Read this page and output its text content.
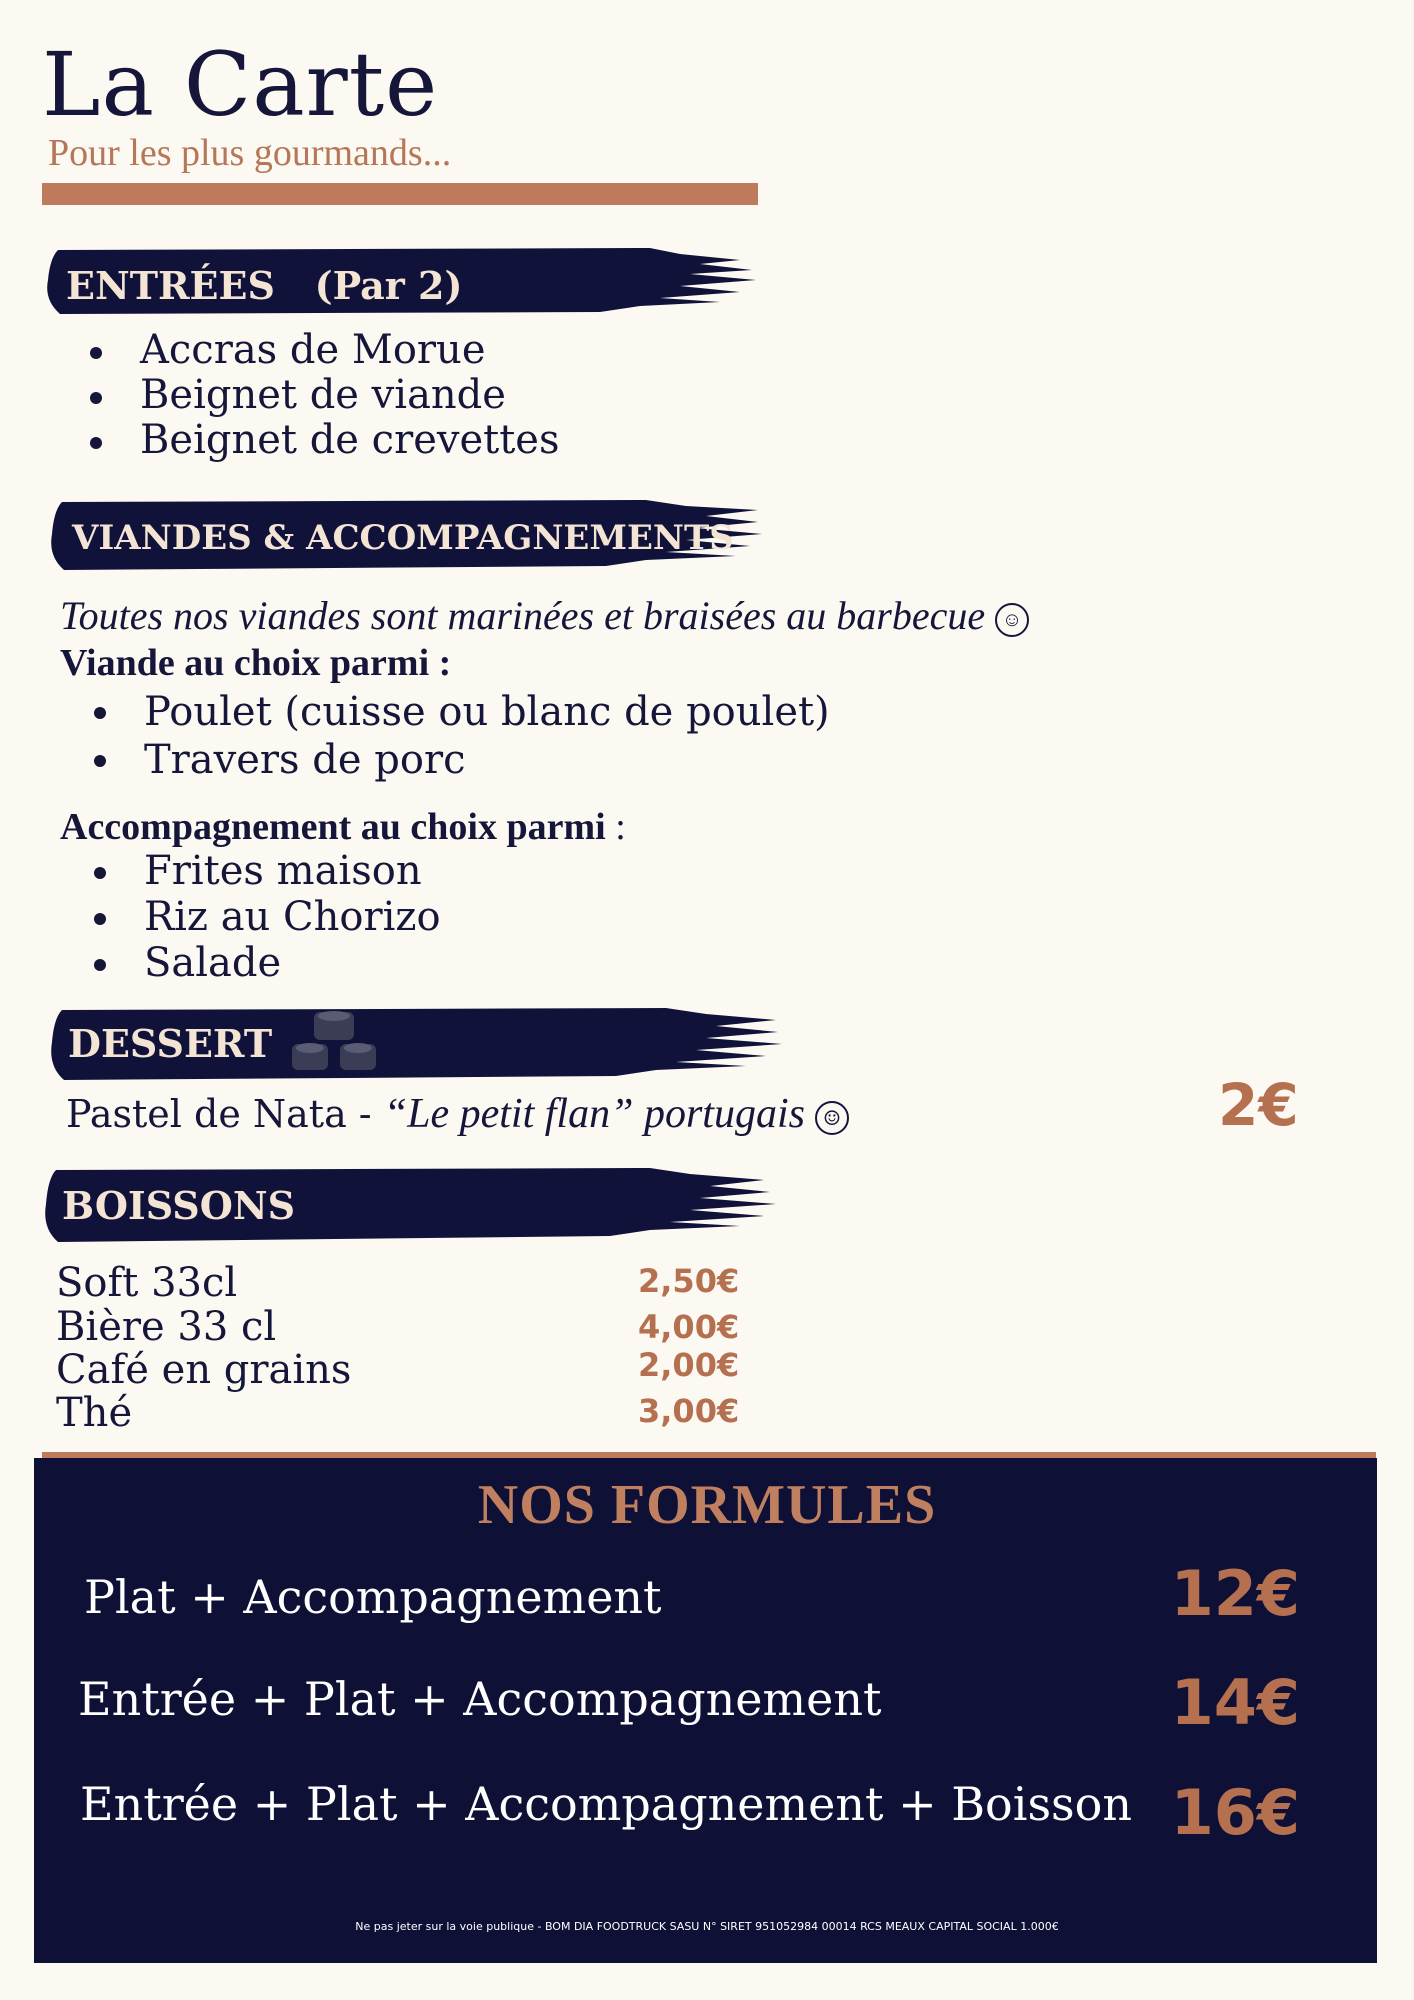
La Carte
Pour les plus gourmands...
ENTRÉES (Par 2)
Accras de Morue
Beignet de viande
Beignet de crevettes
VIANDES & ACCOMPAGNEMENTS
Toutes nos viandes sont marinées et braisées au barbecue ☺
Viande au choix parmi :
Poulet (cuisse ou blanc de poulet)
Travers de porc
Accompagnement au choix parmi :
Frites maison
Riz au Chorizo
Salade
DESSERT
Pastel de Nata - “Le petit flan” portugais ☺	2€
BOISSONS
Soft 33cl	2,50€
Bière 33 cl	4,00€
Café en grains	2,00€
Thé	3,00€
NOS FORMULES
Plat + Accompagnement	12€
Entrée + Plat + Accompagnement	14€
Entrée + Plat + Accompagnement + Boisson 16€
Ne pas jeter sur la voie publique - BOM DIA FOODTRUCK SASU N° SIRET 951052984 00014 RCS MEAUX CAPITAL SOCIAL 1.000€
